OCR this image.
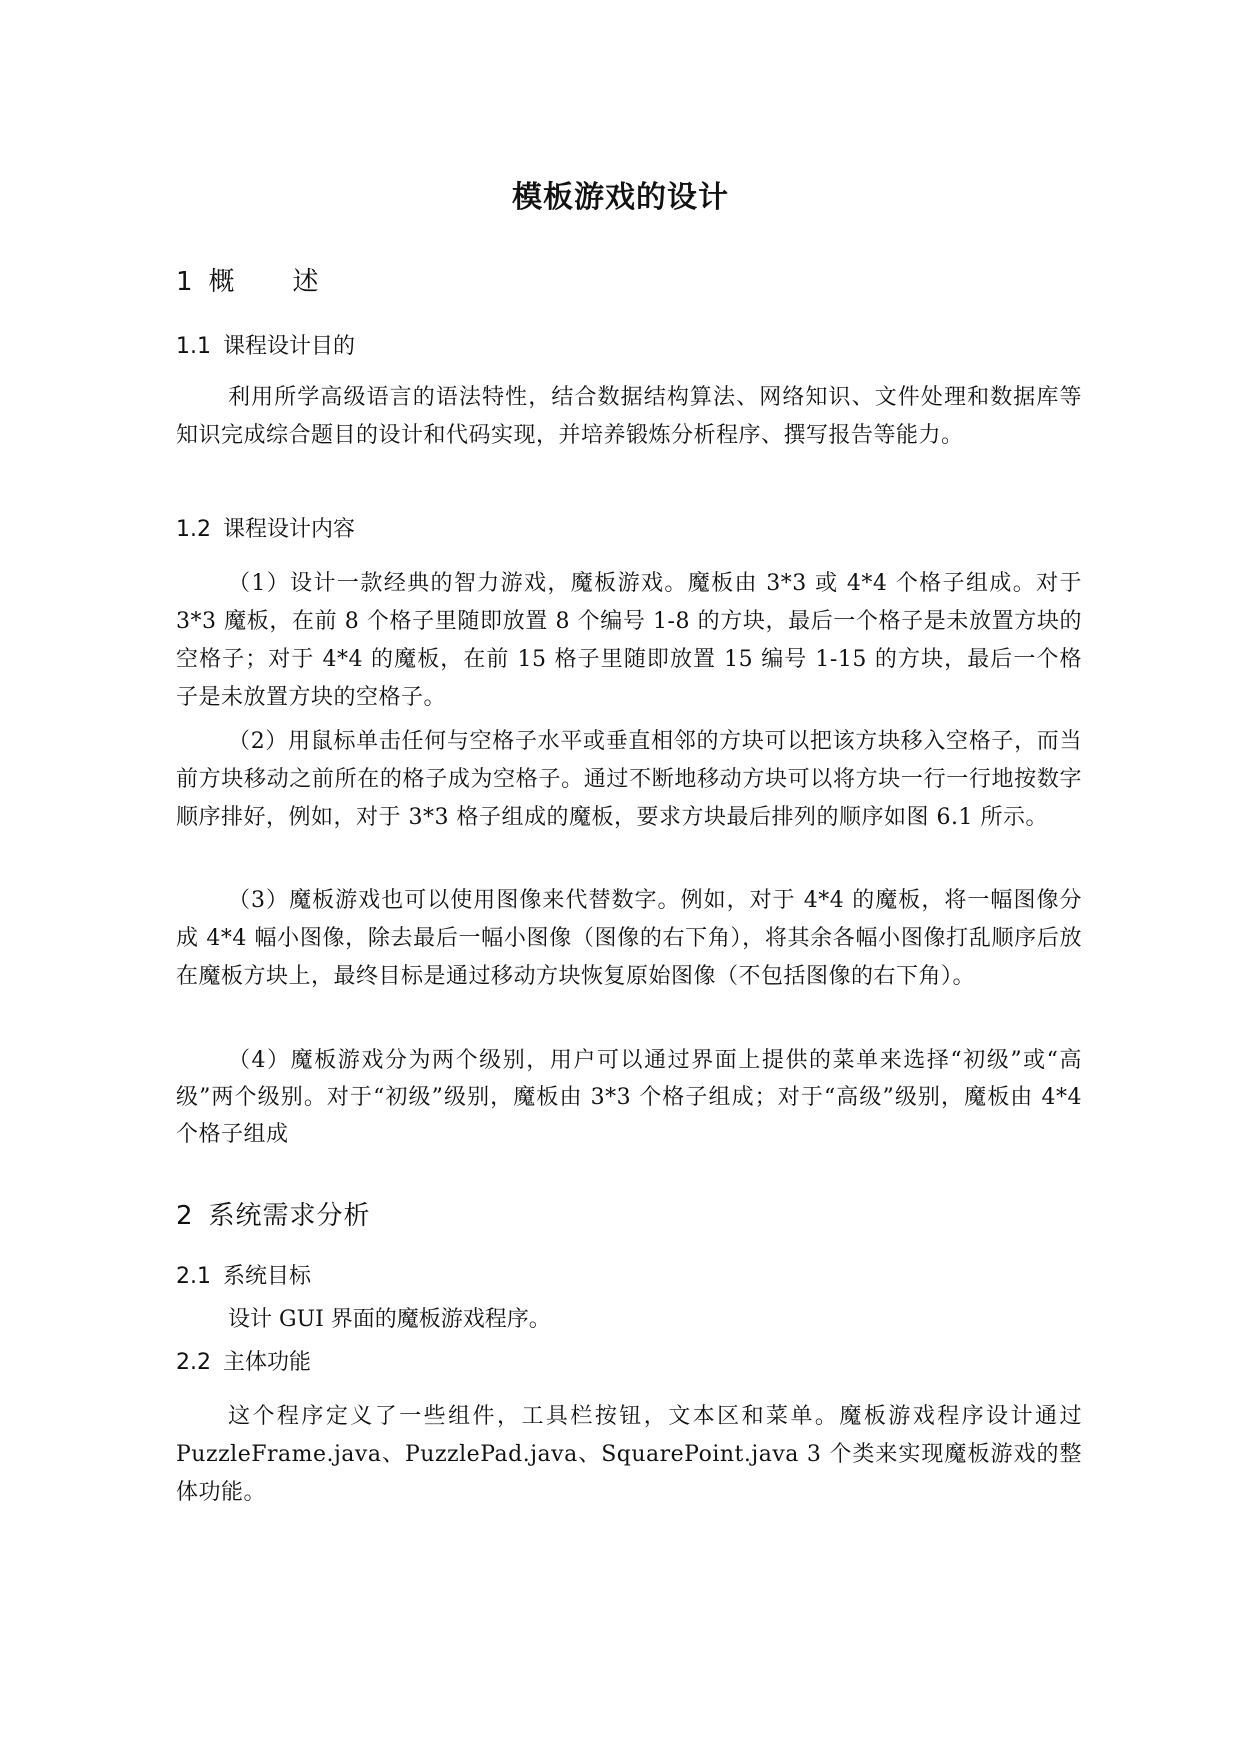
模板游戏的设计
1 概述
1.1 课程设计目的

利用所学高级语言的语法特性，结合数据结构算法、网络知识、文件处理和数据库等知识完成综合题目的设计和代码实现，并培养锻炼分析程序、撰写报告等能力。

1.2 课程设计内容

（1）设计一款经典的智力游戏，魔板游戏。魔板由 3*3 或 4*4 个格子组成。对于 3*3 魔板，在前 8 个格子里随即放置 8 个编号 1-8 的方块，最后一个格子是未放置方块的空格子；对于 4*4 的魔板，在前 15 格子里随即放置 15 编号 1-15 的方块，最后一个格子是未放置方块的空格子。

（2）用鼠标单击任何与空格子水平或垂直相邻的方块可以把该方块移入空格子，而当前方块移动之前所在的格子成为空格子。通过不断地移动方块可以将方块一行一行地按数字顺序排好，例如，对于 3*3 格子组成的魔板，要求方块最后排列的顺序如图 6.1 所示。

（3）魔板游戏也可以使用图像来代替数字。例如，对于 4*4 的魔板，将一幅图像分成 4*4 幅小图像，除去最后一幅小图像（图像的右下角），将其余各幅小图像打乱顺序后放在魔板方块上，最终目标是通过移动方块恢复原始图像（不包括图像的右下角）。

（4）魔板游戏分为两个级别，用户可以通过界面上提供的菜单来选择“初级”或“高级”两个级别。对于“初级”级别，魔板由 3*3 个格子组成；对于“高级”级别，魔板由 4*4 个格子组成

2 系统需求分析
2.1 系统目标
设计 GUI 界面的魔板游戏程序。
2.2 主体功能

这个程序定义了一些组件，工具栏按钮，文本区和菜单。魔板游戏程序设计通过 PuzzleFrame.java、PuzzlePad.java、SquarePoint.java 3 个类来实现魔板游戏的整体功能。
